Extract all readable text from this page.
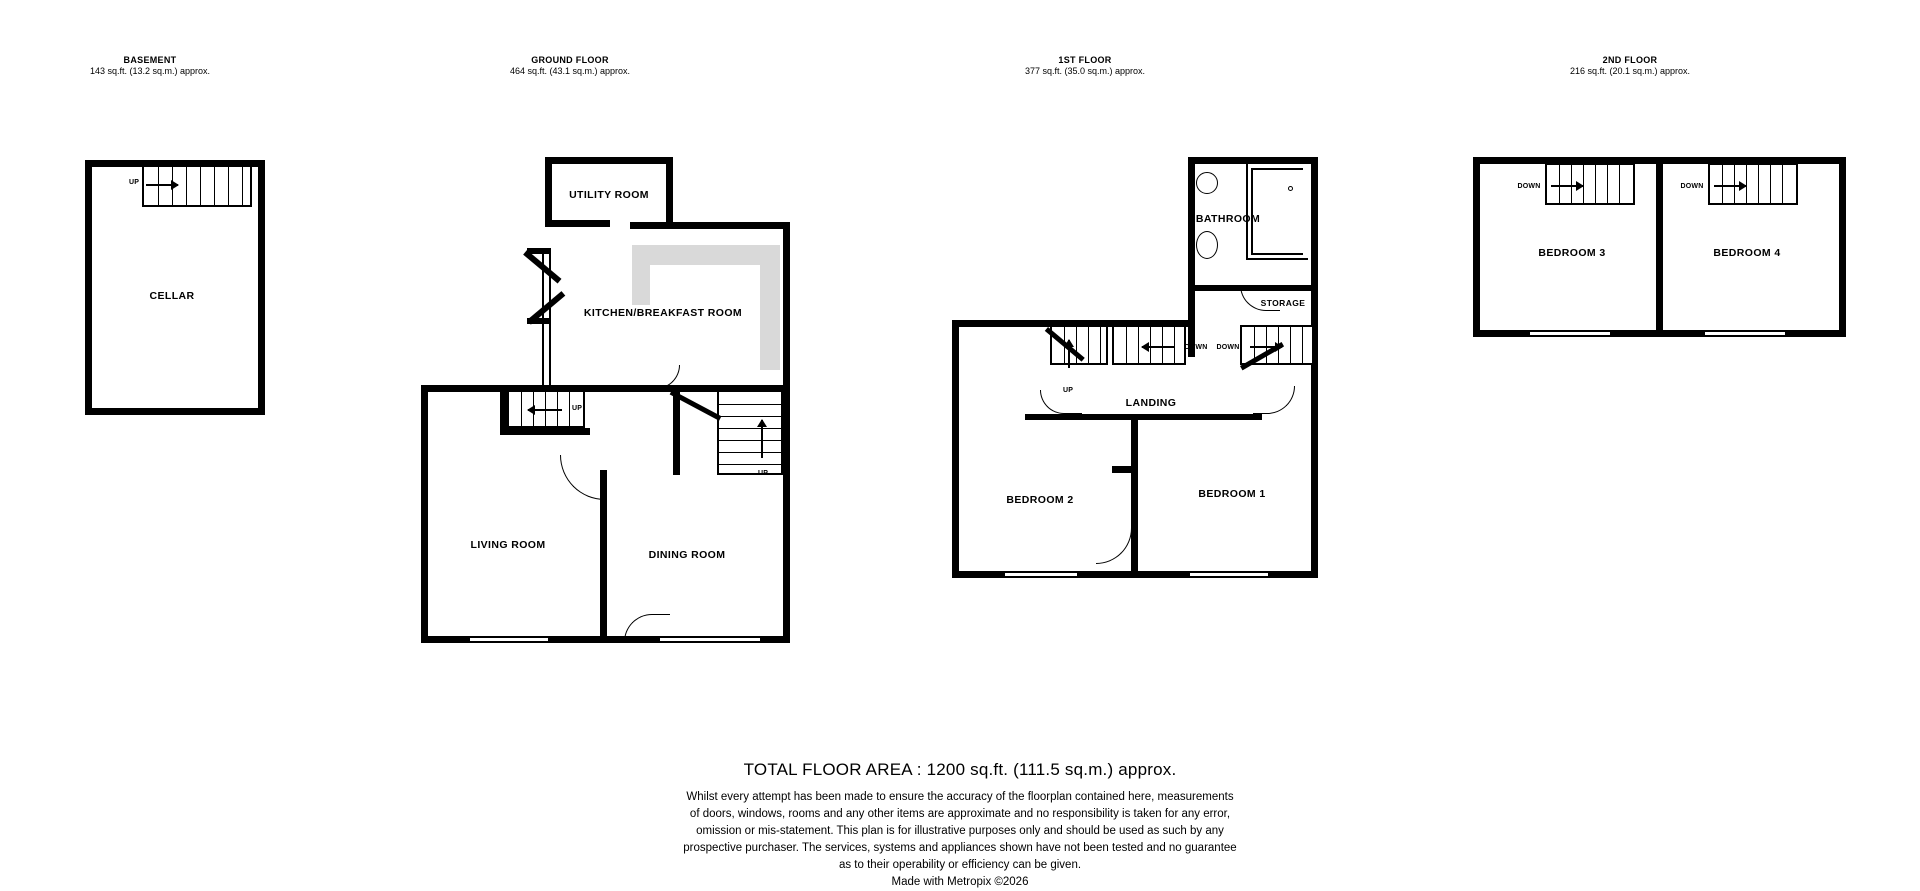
BASEMENT
143 sq.ft. (13.2 sq.m.) approx.
UP
CELLAR
GROUND FLOOR
464 sq.ft. (43.1 sq.m.) approx.
UTILITY ROOM
KITCHEN/BREAKFAST ROOM
UP
UP
LIVING ROOM
DINING ROOM
1ST FLOOR
377 sq.ft. (35.0 sq.m.) approx.
BATHROOM
STORAGE
UP
DOWN DOWN
LANDING
BEDROOM 2	BEDROOM 1
2ND FLOOR
216 sq.ft. (20.1 sq.m.) approx.
DOWN	DOWN
BEDROOM 3	BEDROOM 4
TOTAL FLOOR AREA : 1200 sq.ft. (111.5 sq.m.) approx.
Whilst every attempt has been made to ensure the accuracy of the floorplan contained here, measurements
of doors, windows, rooms and any other items are approximate and no responsibility is taken for any error,
omission or mis-statement. This plan is for illustrative purposes only and should be used as such by any
prospective purchaser. The services, systems and appliances shown have not been tested and no guarantee
as to their operability or efficiency can be given.
Made with Metropix ©2026
